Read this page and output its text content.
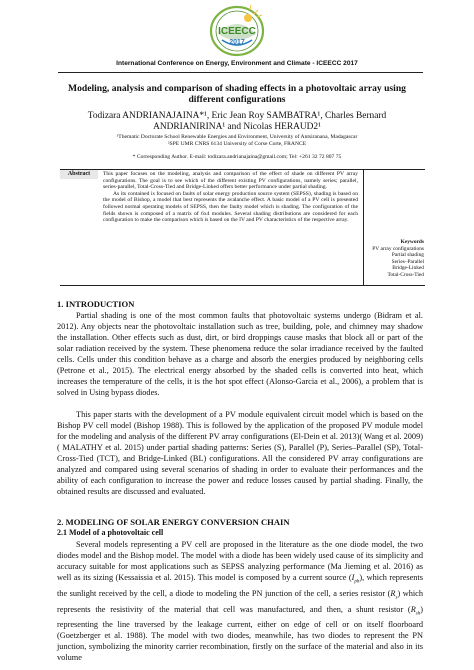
ICEECC
2017
International Conference on Energy, Environment and Climate - ICEECC 2017
Modeling, analysis and comparison of shading effects in a photovoltaic array using
different configurations
Todizara ANDRIANAJAINA*¹, Eric Jean Roy SAMBATRA¹, Charles Bernard
ANDRIANIRINA¹ and Nicolas HERAUD2¹
¹Thematic Doctorate School Renewable Energies and Environment, University of Antsiranana, Madagascar
²SPE UMR CNRS 6134 University of Corse Corte, FRANCE
* Corresponding Author. E-mail: todizara.andrianajaina@gmail.com; Tel: +261 32 72 807 75
Abstract	This paper focuses on the modeling, analysis and comparison of the effect of shade on different PV array configurations. The goal is to see which of the different existing PV configurations, namely series; parallel, series-parallel, Total-Cross-Tied and Bridge-Linked offers better performance under partial shading.

As its contained is focused on faults of solar energy production source system (SEPSS), shading is based on the model of Bishop, a model that best represents the avalanche effect. A basic model of a PV cell is presented followed normal operating models of SEPSS, then the faulty model which is shading. The configuration of the fields shown is composed of a matrix of 6x4 modules. Several shading distributions are considered for each configuration to make the comparison which is based on the IV and PV characteristics of the respective array.

Keywords
PV array configurations
Partial shading
Series–Parallel
Bridge-Linked
Total-Cross-Tied
1. INTRODUCTION

Partial shading is one of the most common faults that photovoltaic systems undergo (Bidram et al. 2012). Any objects near the photovoltaic installation such as tree, building, pole, and chimney may shadow the installation. Other effects such as dust, dirt, or bird droppings cause masks that block all or part of the solar radiation received by the system. These phenomena reduce the solar irradiance received by the faulted cells. Cells under this condition behave as a charge and absorb the energies produced by neighboring cells (Petrone et al., 2015). The electrical energy absorbed by the shaded cells is converted into heat, which increases the temperature of the cells, it is the hot spot effect (Alonso-Garcia et al., 2006), a problem that is solved in Using bypass diodes.

This paper starts with the development of a PV module equivalent circuit model which is based on the Bishop PV cell model (Bishop 1988). This is followed by the application of the proposed PV module model for the modeling and analysis of the different PV array configurations (El-Dein et al. 2013)( Wang et al. 2009)( MALATHY et al. 2015) under partial shading patterns: Series (S), Parallel (P), Series–Parallel (SP), Total-Cross-Tied (TCT), and Bridge-Linked (BL) configurations. All the considered PV array configurations are analyzed and compared using several scenarios of shading in order to evaluate their performances and the ability of each configuration to increase the power and reduce losses caused by partial shading. Finally, the obtained results are discussed and evaluated.

2. MODELING OF SOLAR ENERGY CONVERSION CHAIN
2.1 Model of a photovoltaic cell

Several models representing a PV cell are proposed in the literature as the one diode model, the two diodes model and the Bishop model. The model with a diode has been widely used cause of its simplicity and accuracy suitable for most applications such as SEPSS analyzing performance (Ma Jieming et al. 2016) as well as its sizing (Kessaissia et al. 2015). This model is composed by a current source $(I_{ph})$, which represents the sunlight received by the cell, a diode to modeling the PN junction of the cell, a series resistor $(R_s)$ which represents the resistivity of the material that cell was manufactured, and then, a shunt resistor $(R_{sh})$ representing the line traversed by the leakage current, either on edge of cell or on itself floorboard (Goetzberger et al. 1988). The model with two diodes, meanwhile, has two diodes to represent the PN junction, symbolizing the minority carrier recombination, firstly on the surface of the material and also in its volume
